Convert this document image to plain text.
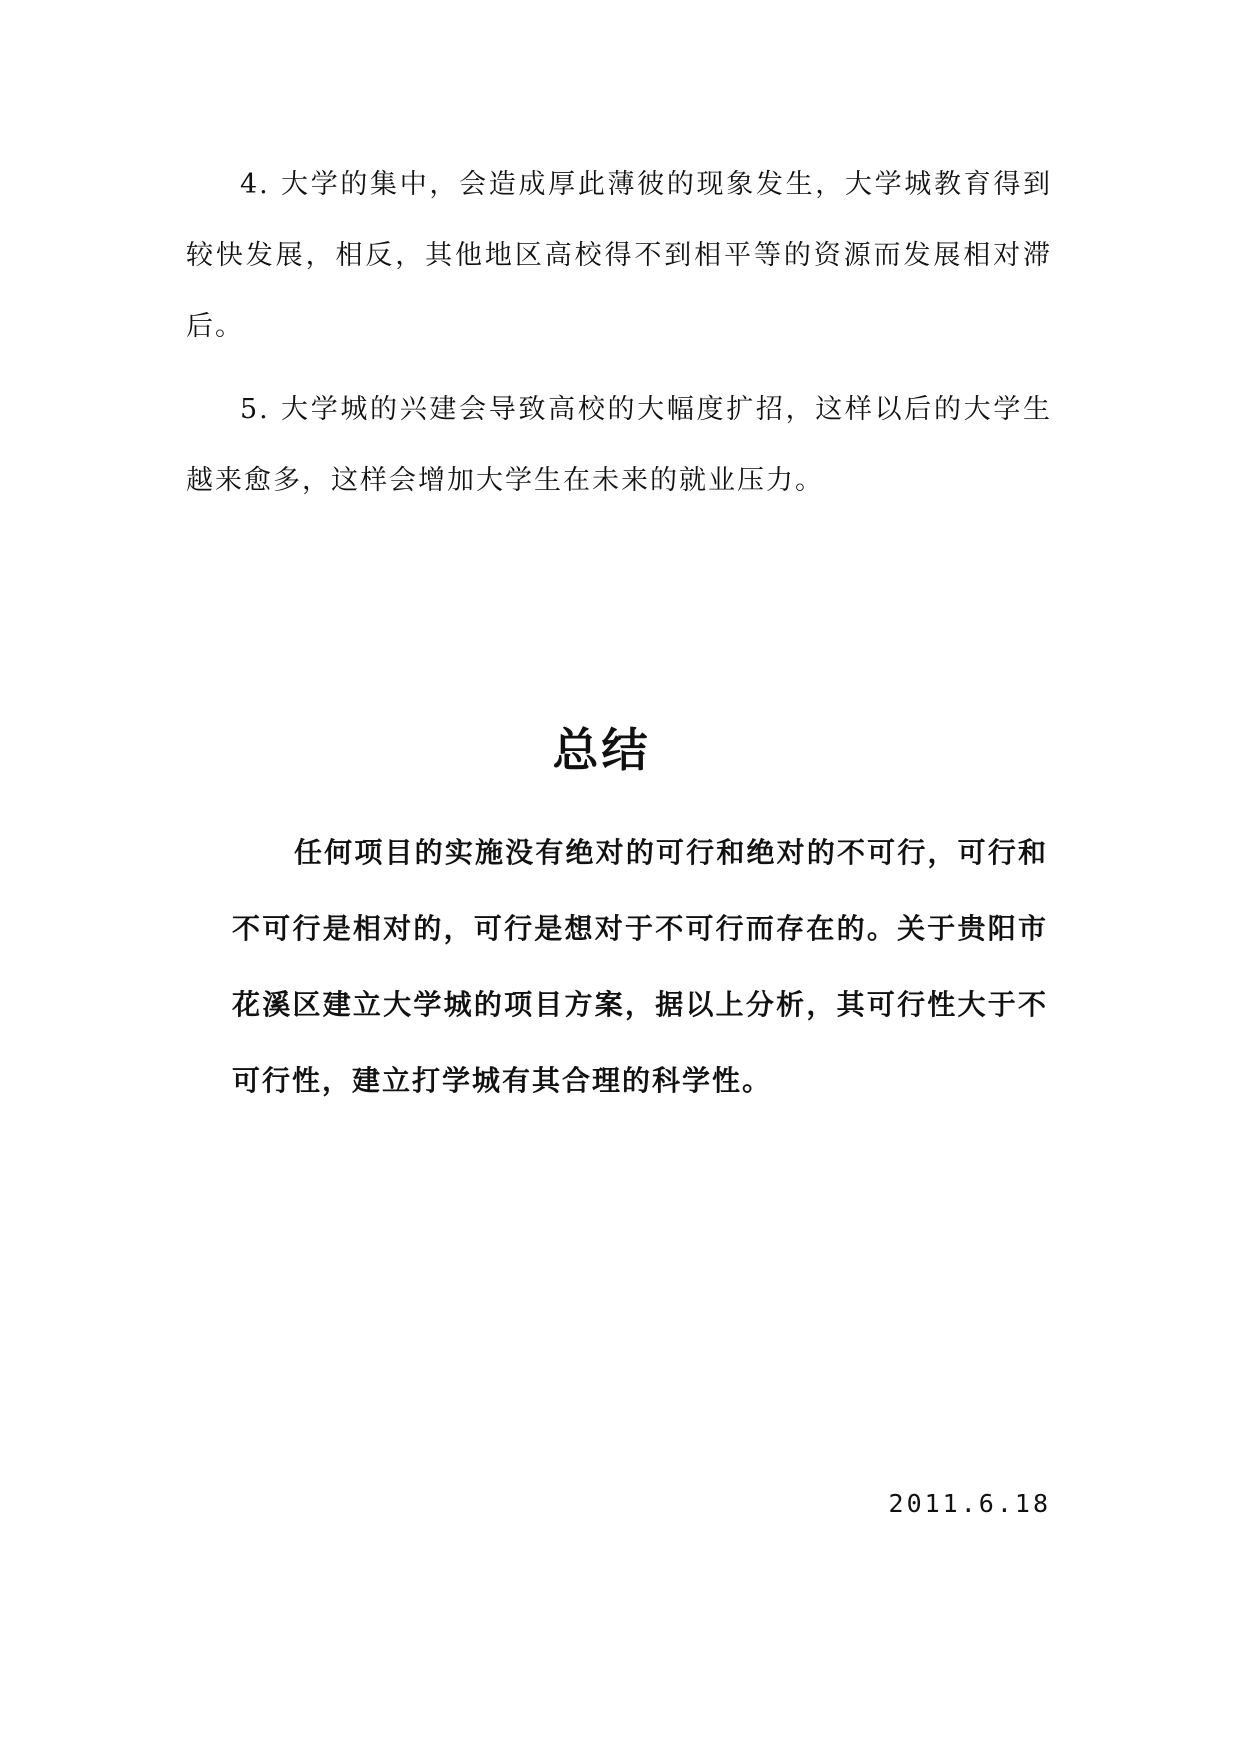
4. 大学的集中，会造成厚此薄彼的现象发生，大学城教育得到较快发展，相反，其他地区高校得不到相平等的资源而发展相对滞后。

5. 大学城的兴建会导致高校的大幅度扩招，这样以后的大学生越来愈多，这样会增加大学生在未来的就业压力。

总结

任何项目的实施没有绝对的可行和绝对的不可行，可行和不可行是相对的，可行是想对于不可行而存在的。关于贵阳市花溪区建立大学城的项目方案，据以上分析，其可行性大于不可行性，建立打学城有其合理的科学性。

2011.6.18
